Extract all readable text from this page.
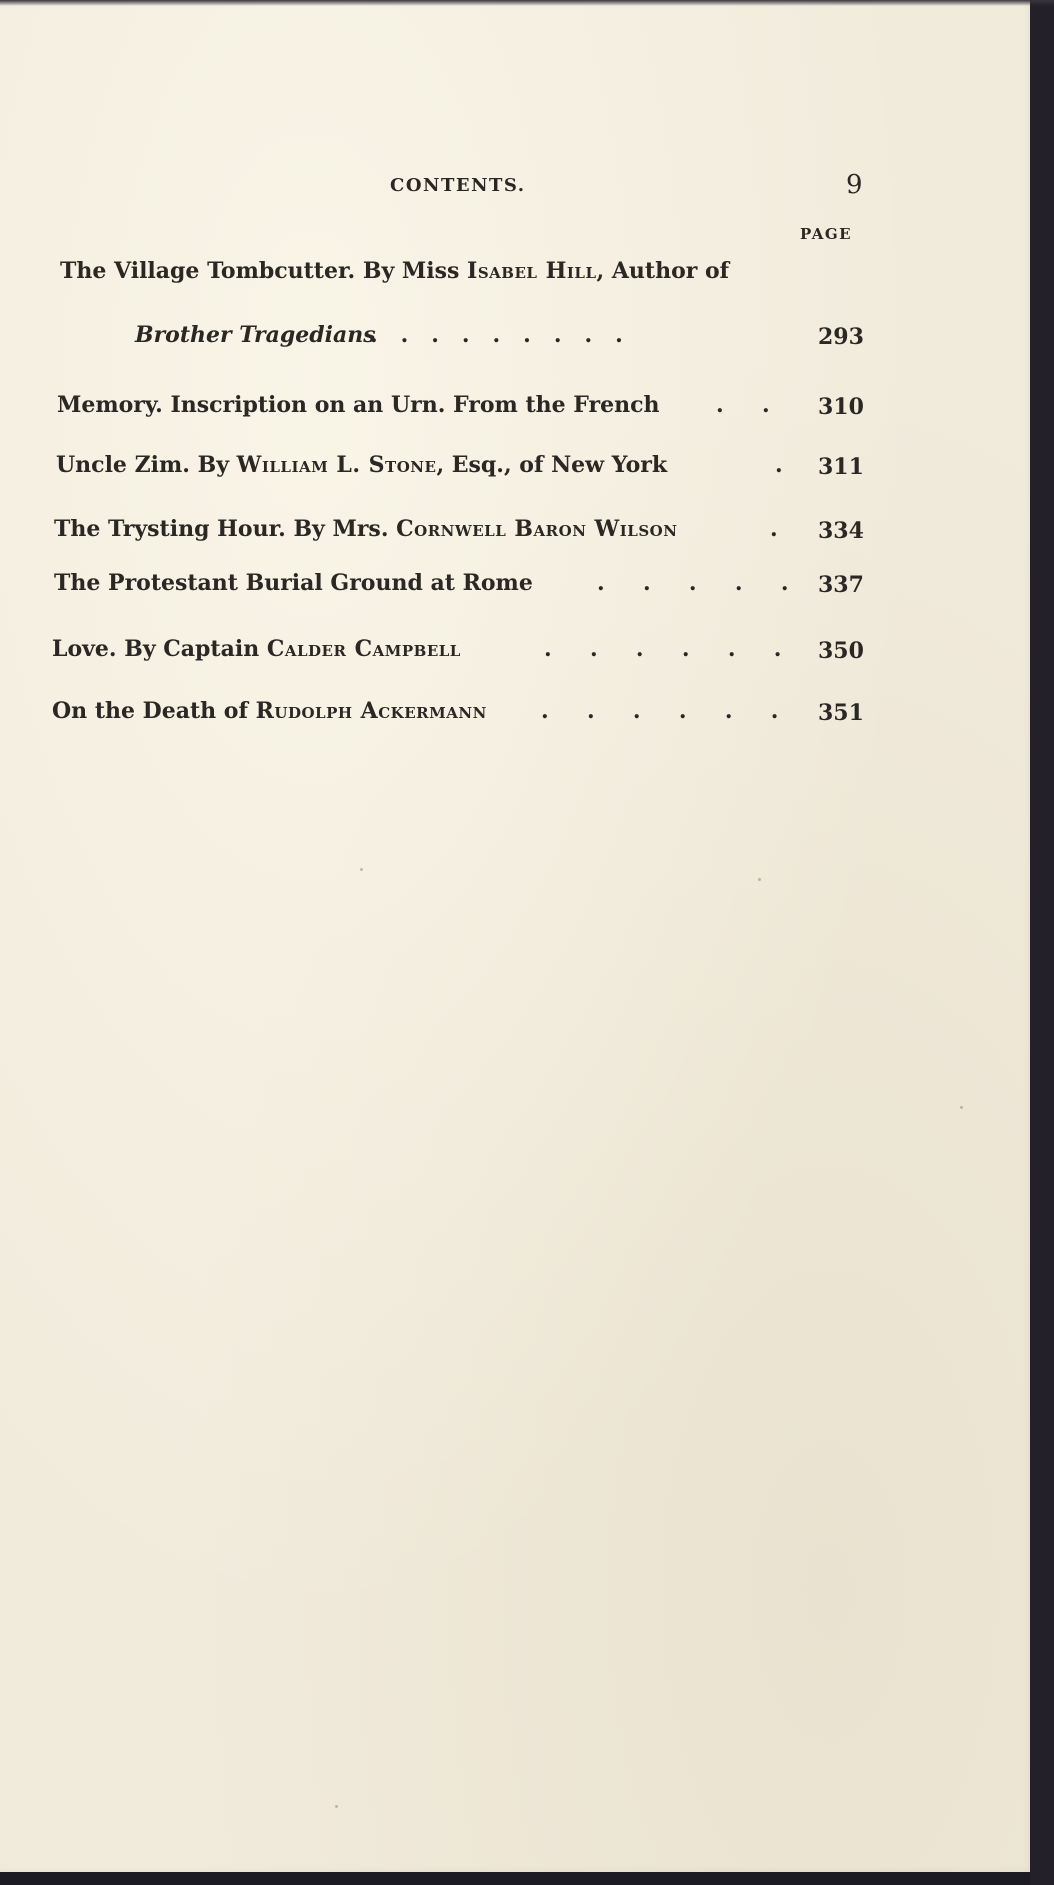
CONTENTS.	9
PAGE
The Village Tombcutter. By Miss Isabel Hill, Author of
Brother Tragedians
.   .   .   .   .   .   .   .   .	293
Memory. Inscription on an Urn. From the French	.     . 310
Uncle Zim. By William L. Stone, Esq., of New York	. 311
The Trysting Hour. By Mrs. Cornwell Baron Wilson	. 334
The Protestant Burial Ground at Rome	.     .     .     .     . 337
Love. By Captain Calder Campbell	.     .     .     .     .     . 350
On the Death of Rudolph Ackermann .     .     .     .     .     . 351
